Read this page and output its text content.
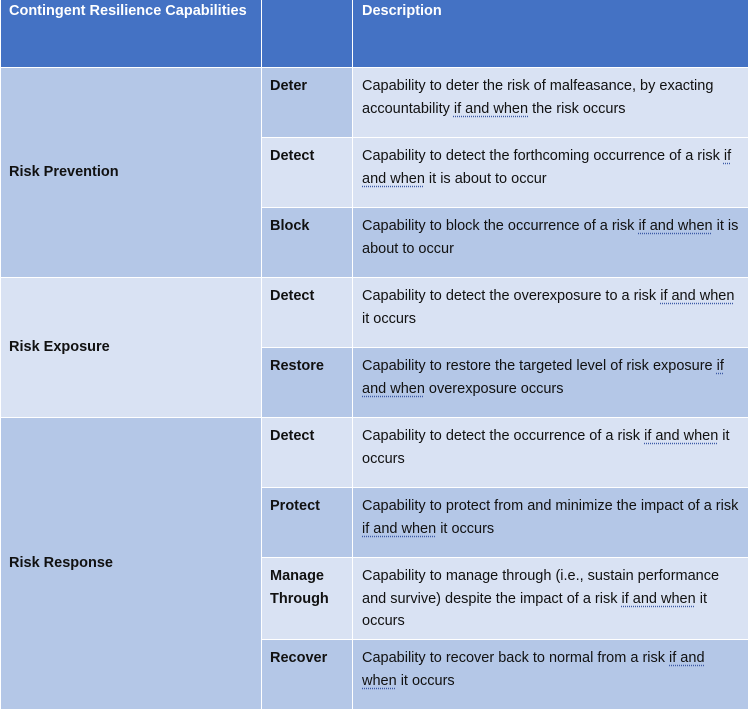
Contingent Resilience Capabilities		Description
Risk Prevention	Deter	Capability to deter the risk of malfeasance, by exacting accountability if and when the risk occurs
	Detect	Capability to detect the forthcoming occurrence of a risk if and when it is about to occur
	Block	Capability to block the occurrence of a risk if and when it is about to occur
Risk Exposure	Detect	Capability to detect the overexposure to a risk if and when it occurs
	Restore	Capability to restore the targeted level of risk exposure if and when overexposure occurs
Risk Response	Detect	Capability to detect the occurrence of a risk if and when it occurs
	Protect	Capability to protect from and minimize the impact of a risk if and when it occurs
	Manage Through	Capability to manage through (i.e., sustain performance and survive) despite the impact of a risk if and when it occurs
	Recover	Capability to recover back to normal from a risk if and when it occurs
